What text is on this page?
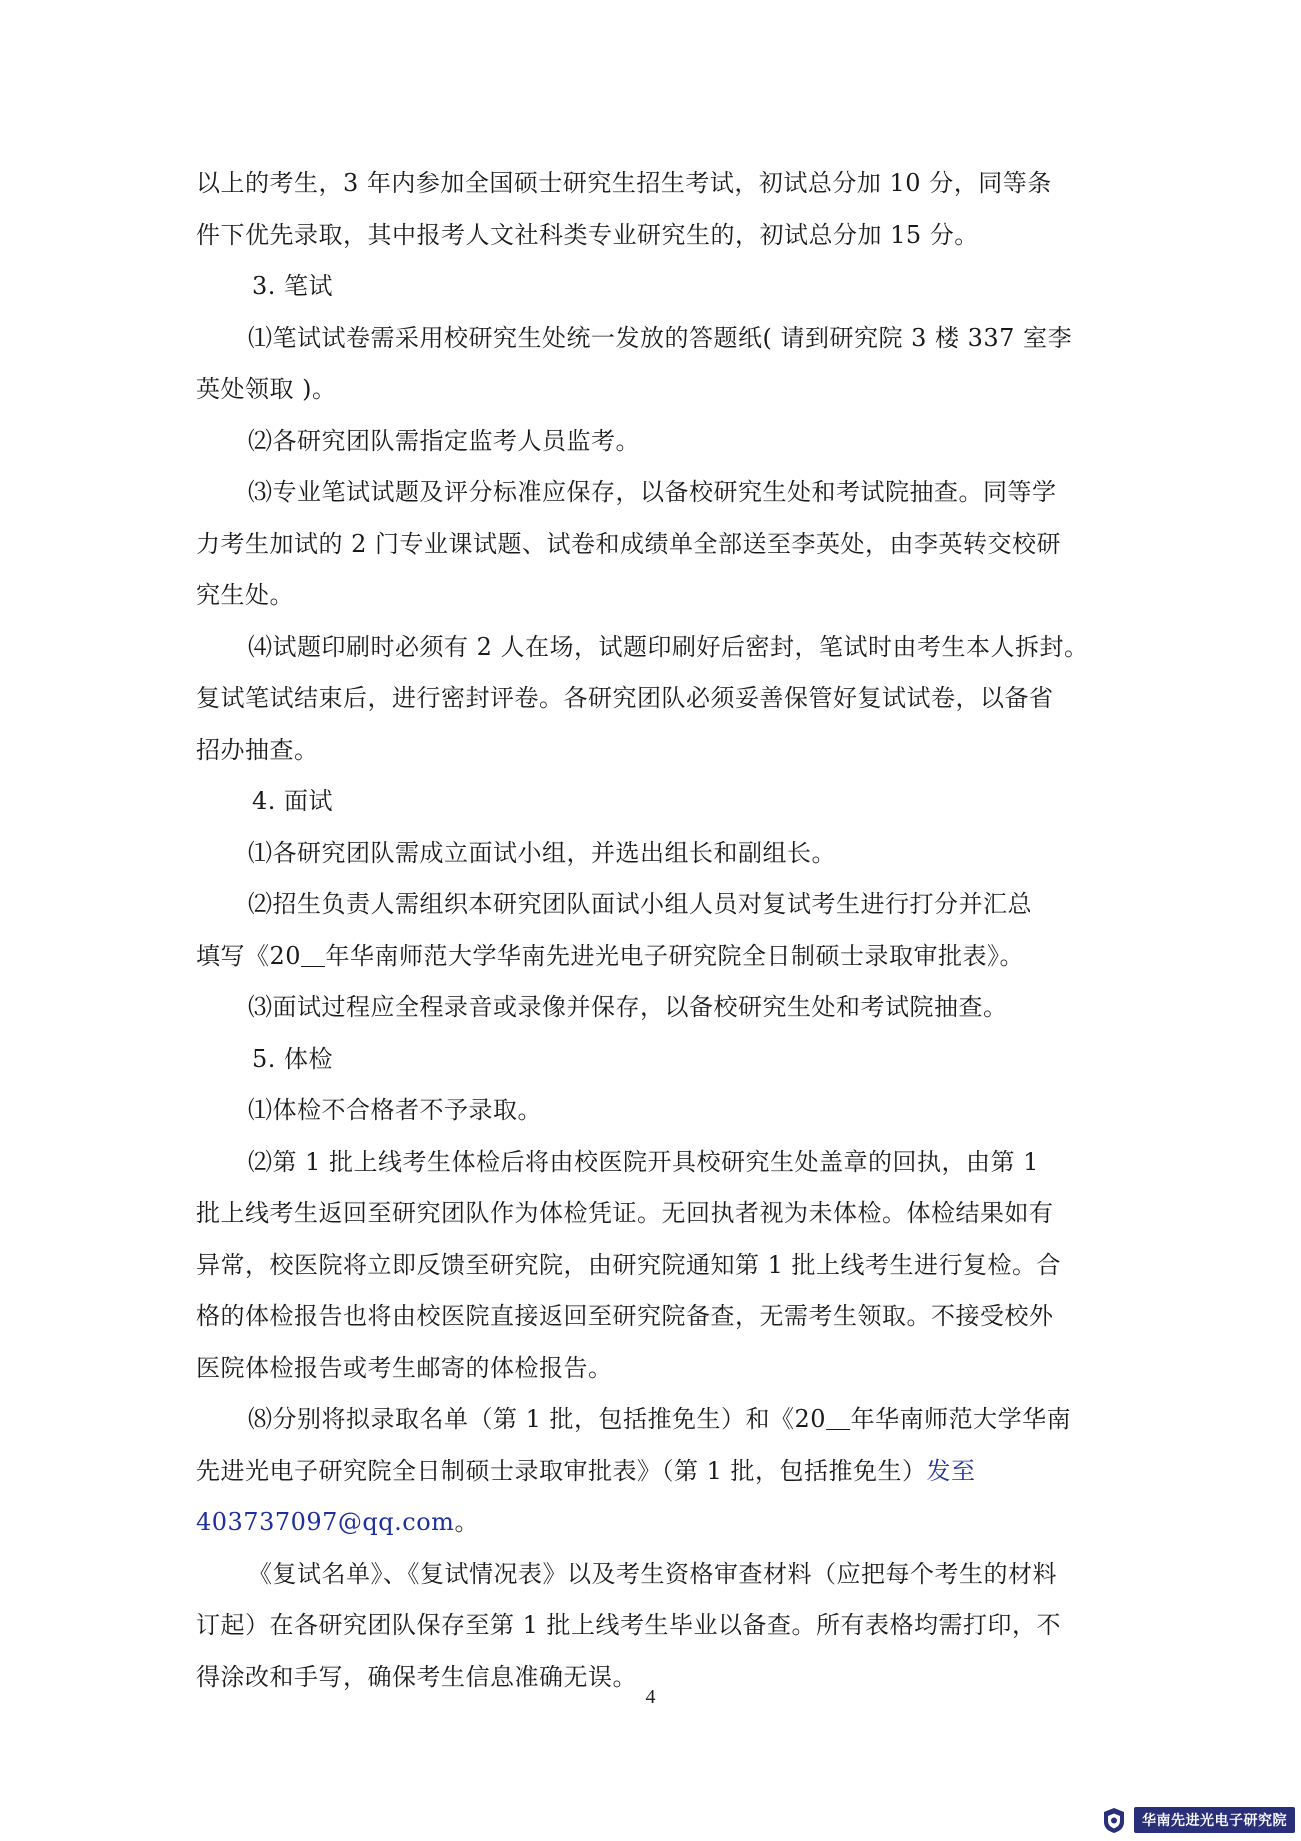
以上的考生，3 年内参加全国硕士研究生招生考试，初试总分加 10 分，同等条
件下优先录取，其中报考人文社科类专业研究生的，初试总分加 15 分。
3. 笔试
⑴笔试试卷需采用校研究生处统一发放的答题纸( 请到研究院 3 楼 337 室李
英处领取 )。
⑵各研究团队需指定监考人员监考。
⑶专业笔试试题及评分标准应保存，以备校研究生处和考试院抽查。同等学
力考生加试的 2 门专业课试题、试卷和成绩单全部送至李英处，由李英转交校研
究生处。
⑷试题印刷时必须有 2 人在场，试题印刷好后密封，笔试时由考生本人拆封。
复试笔试结束后，进行密封评卷。各研究团队必须妥善保管好复试试卷，以备省
招办抽查。
4. 面试
⑴各研究团队需成立面试小组，并选出组长和副组长。
⑵招生负责人需组织本研究团队面试小组人员对复试考生进行打分并汇总
填写《20＿年华南师范大学华南先进光电子研究院全日制硕士录取审批表》。
⑶面试过程应全程录音或录像并保存，以备校研究生处和考试院抽查。
5. 体检
⑴体检不合格者不予录取。
⑵第 1 批上线考生体检后将由校医院开具校研究生处盖章的回执，由第 1
批上线考生返回至研究团队作为体检凭证。无回执者视为未体检。体检结果如有
异常，校医院将立即反馈至研究院，由研究院通知第 1 批上线考生进行复检。合
格的体检报告也将由校医院直接返回至研究院备查，无需考生领取。不接受校外
医院体检报告或考生邮寄的体检报告。
⑻分别将拟录取名单（第 1 批，包括推免生）和《20＿年华南师范大学华南
先进光电子研究院全日制硕士录取审批表》（第 1 批，包括推免生）发至
403737097@qq.com。
《复试名单》、《复试情况表》以及考生资格审查材料（应把每个考生的材料
订起）在各研究团队保存至第 1 批上线考生毕业以备查。所有表格均需打印，不
得涂改和手写，确保考生信息准确无误。
4
华南先进光电子研究院
